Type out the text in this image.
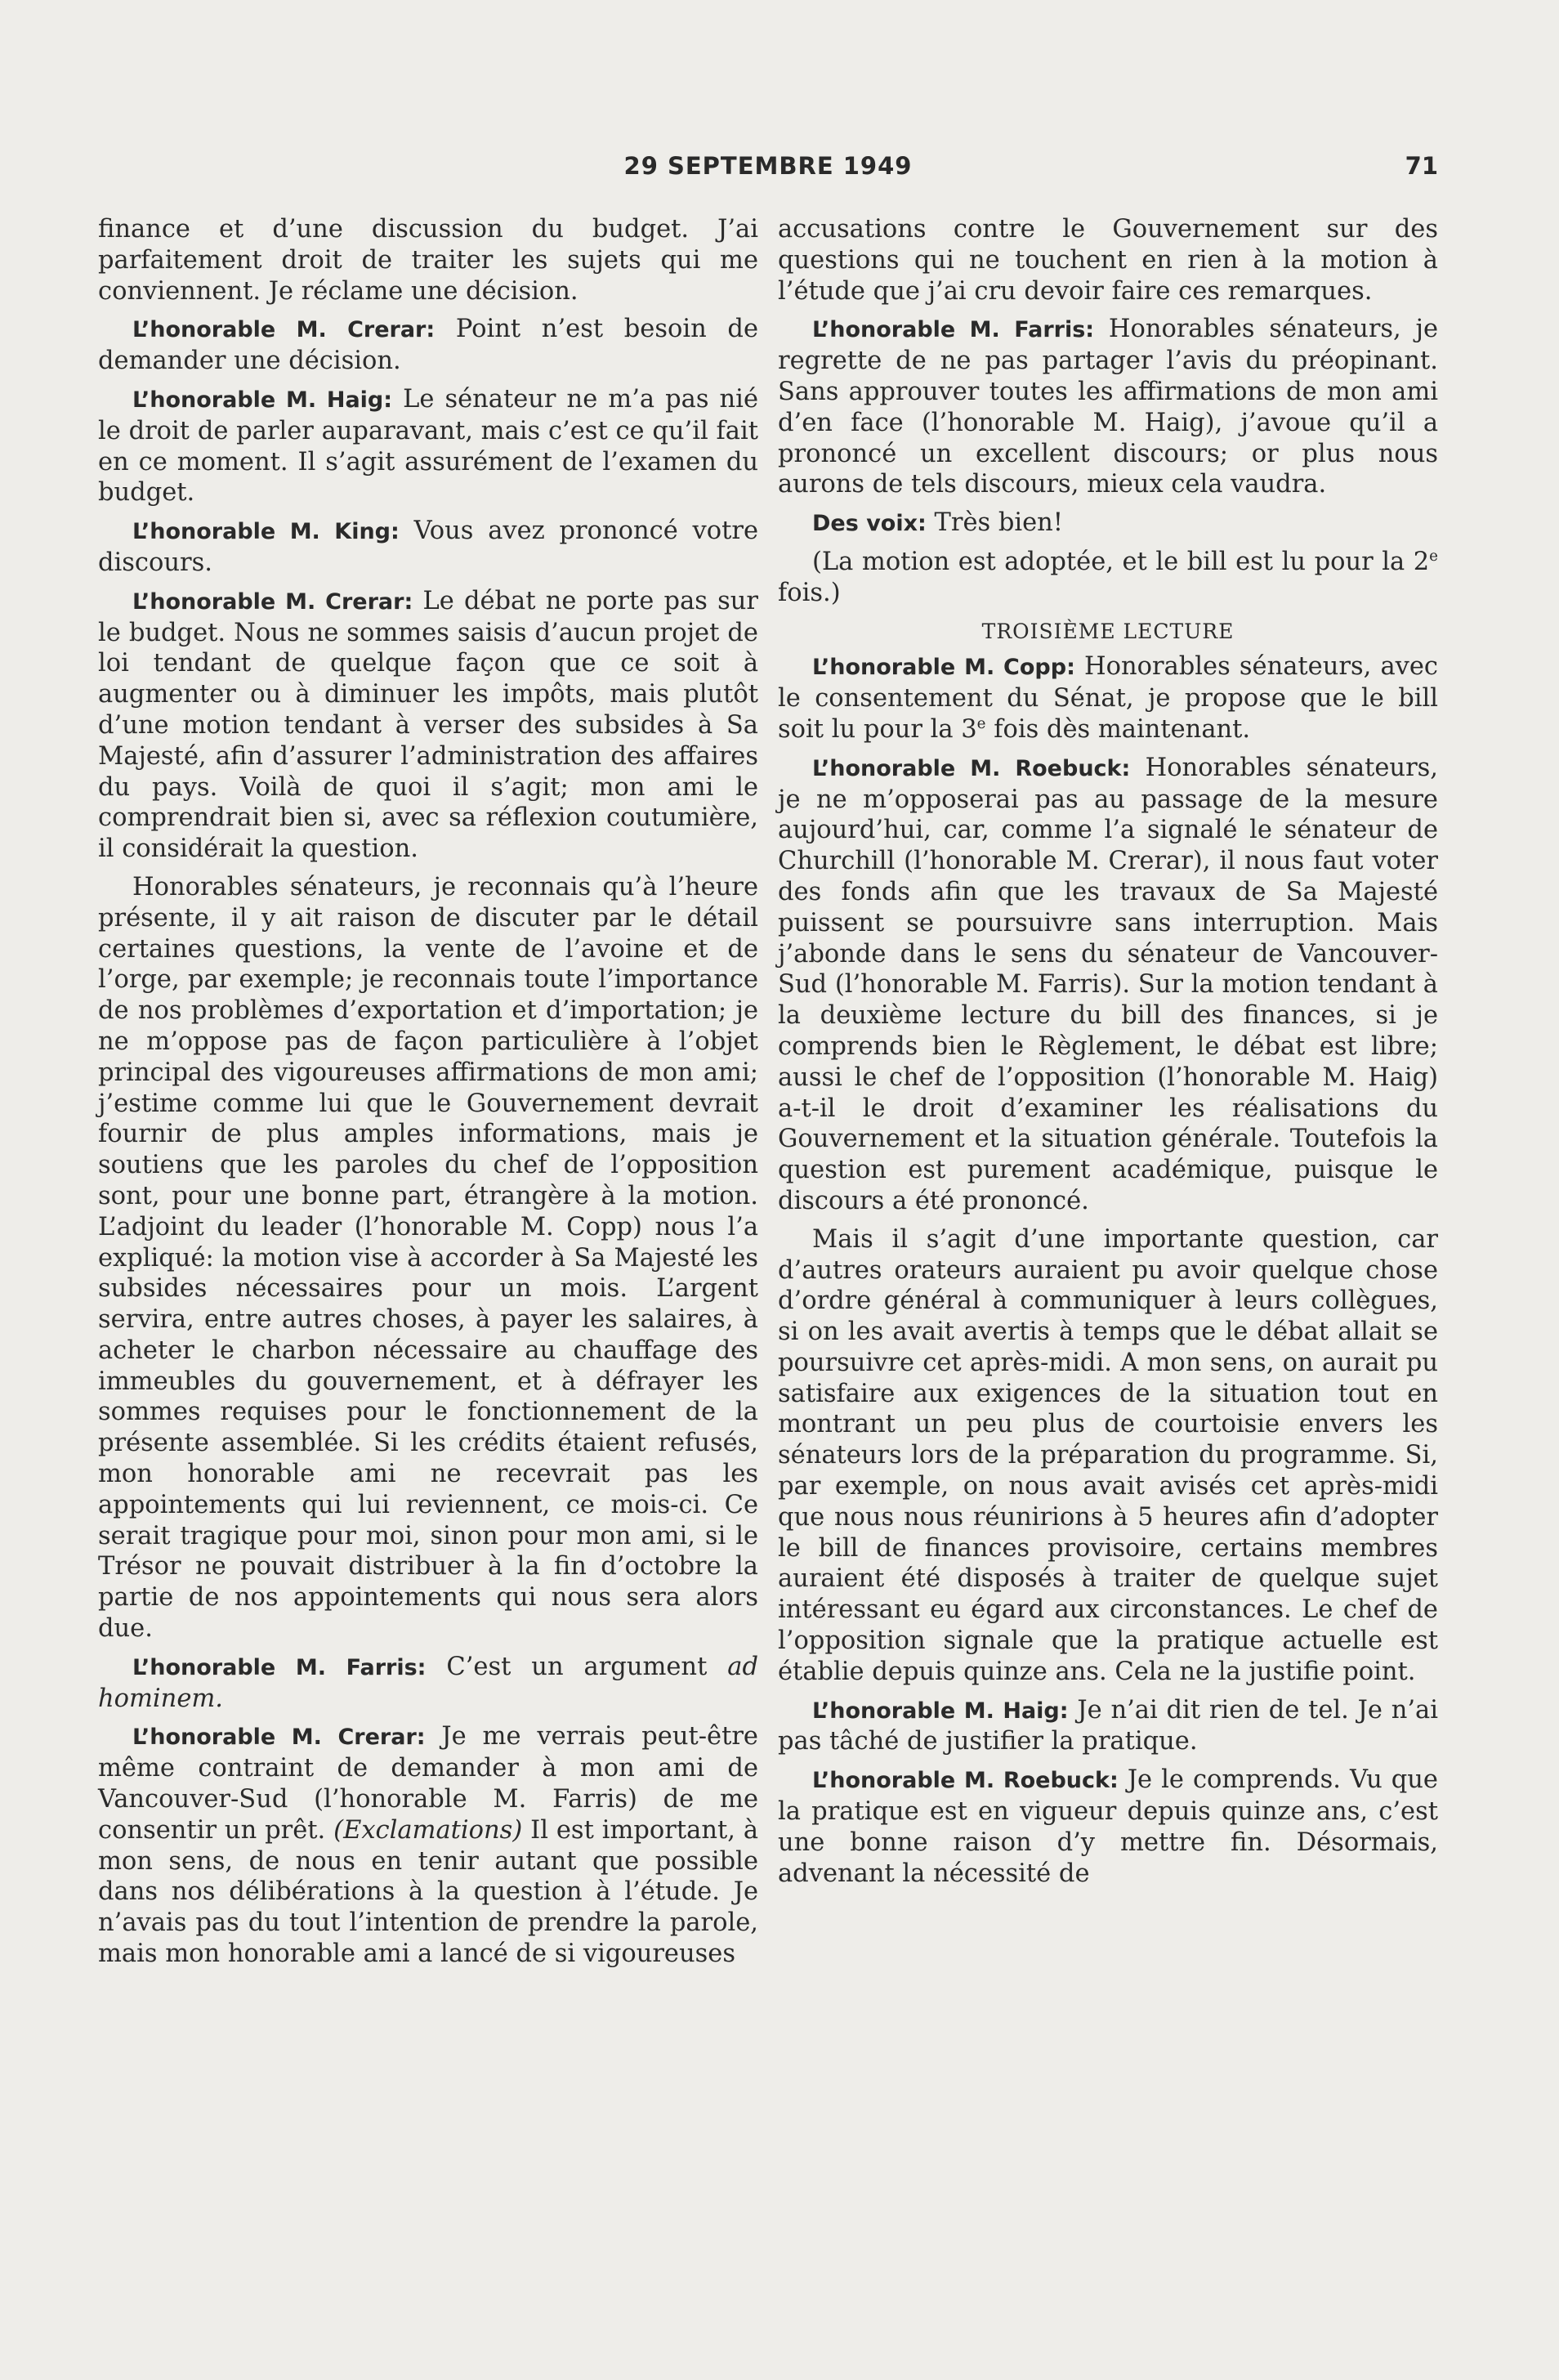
29 SEPTEMBRE 1949	71

finance et d’une discussion du budget. J’ai parfaitement droit de traiter les sujets qui me conviennent. Je réclame une décision.

L’honorable M. Crerar: Point n’est besoin de demander une décision.

L’honorable M. Haig: Le sénateur ne m’a pas nié le droit de parler auparavant, mais c’est ce qu’il fait en ce moment. Il s’agit assurément de l’examen du budget.

L’honorable M. King: Vous avez prononcé votre discours.

L’honorable M. Crerar: Le débat ne porte pas sur le budget. Nous ne sommes saisis d’aucun projet de loi tendant de quelque façon que ce soit à augmenter ou à diminuer les impôts, mais plutôt d’une motion tendant à verser des subsides à Sa Majesté, afin d’assurer l’administration des affaires du pays. Voilà de quoi il s’agit; mon ami le comprendrait bien si, avec sa réflexion coutumière, il considérait la question.

Honorables sénateurs, je reconnais qu’à l’heure présente, il y ait raison de discuter par le détail certaines questions, la vente de l’avoine et de l’orge, par exemple; je reconnais toute l’importance de nos problèmes d’exportation et d’importation; je ne m’oppose pas de façon particulière à l’objet principal des vigoureuses affirmations de mon ami; j’estime comme lui que le Gouvernement devrait fournir de plus amples informations, mais je soutiens que les paroles du chef de l’opposition sont, pour une bonne part, étrangère à la motion. L’adjoint du leader (l’honorable M. Copp) nous l’a expliqué: la motion vise à accorder à Sa Majesté les subsides nécessaires pour un mois. L’argent servira, entre autres choses, à payer les salaires, à acheter le charbon nécessaire au chauffage des immeubles du gouvernement, et à défrayer les sommes requises pour le fonctionnement de la présente assemblée. Si les crédits étaient refusés, mon honorable ami ne recevrait pas les appointements qui lui reviennent, ce mois-ci. Ce serait tragique pour moi, sinon pour mon ami, si le Trésor ne pouvait distribuer à la fin d’octobre la partie de nos appointements qui nous sera alors due.

L’honorable M. Farris: C’est un argument ad hominem.

L’honorable M. Crerar: Je me verrais peut-être même contraint de demander à mon ami de Vancouver-Sud (l’honorable M. Farris) de me consentir un prêt. (Exclamations) Il est important, à mon sens, de nous en tenir autant que possible dans nos délibérations à la question à l’étude. Je n’avais pas du tout l’intention de prendre la parole, mais mon honorable ami a lancé de si vigoureuses

accusations contre le Gouvernement sur des questions qui ne touchent en rien à la motion à l’étude que j’ai cru devoir faire ces remarques.

L’honorable M. Farris: Honorables sénateurs, je regrette de ne pas partager l’avis du préopinant. Sans approuver toutes les affirmations de mon ami d’en face (l’honorable M. Haig), j’avoue qu’il a prononcé un excellent discours; or plus nous aurons de tels discours, mieux cela vaudra.

Des voix: Très bien!

(La motion est adoptée, et le bill est lu pour la 2e fois.)

TROISIÈME LECTURE

L’honorable M. Copp: Honorables sénateurs, avec le consentement du Sénat, je propose que le bill soit lu pour la 3e fois dès maintenant.

L’honorable M. Roebuck: Honorables sénateurs, je ne m’opposerai pas au passage de la mesure aujourd’hui, car, comme l’a signalé le sénateur de Churchill (l’honorable M. Crerar), il nous faut voter des fonds afin que les travaux de Sa Majesté puissent se poursuivre sans interruption. Mais j’abonde dans le sens du sénateur de Vancouver-Sud (l’honorable M. Farris). Sur la motion tendant à la deuxième lecture du bill des finances, si je comprends bien le Règlement, le débat est libre; aussi le chef de l’opposition (l’honorable M. Haig) a-t-il le droit d’examiner les réalisations du Gouvernement et la situation générale. Toutefois la question est purement académique, puisque le discours a été prononcé.

Mais il s’agit d’une importante question, car d’autres orateurs auraient pu avoir quelque chose d’ordre général à communiquer à leurs collègues, si on les avait avertis à temps que le débat allait se poursuivre cet après-midi. A mon sens, on aurait pu satisfaire aux exigences de la situation tout en montrant un peu plus de courtoisie envers les sénateurs lors de la préparation du programme. Si, par exemple, on nous avait avisés cet après-midi que nous nous réunirions à 5 heures afin d’adopter le bill de finances provisoire, certains membres auraient été disposés à traiter de quelque sujet intéressant eu égard aux circonstances. Le chef de l’opposition signale que la pratique actuelle est établie depuis quinze ans. Cela ne la justifie point.

L’honorable M. Haig: Je n’ai dit rien de tel. Je n’ai pas tâché de justifier la pratique.

L’honorable M. Roebuck: Je le comprends. Vu que la pratique est en vigueur depuis quinze ans, c’est une bonne raison d’y mettre fin. Désormais, advenant la nécessité de
